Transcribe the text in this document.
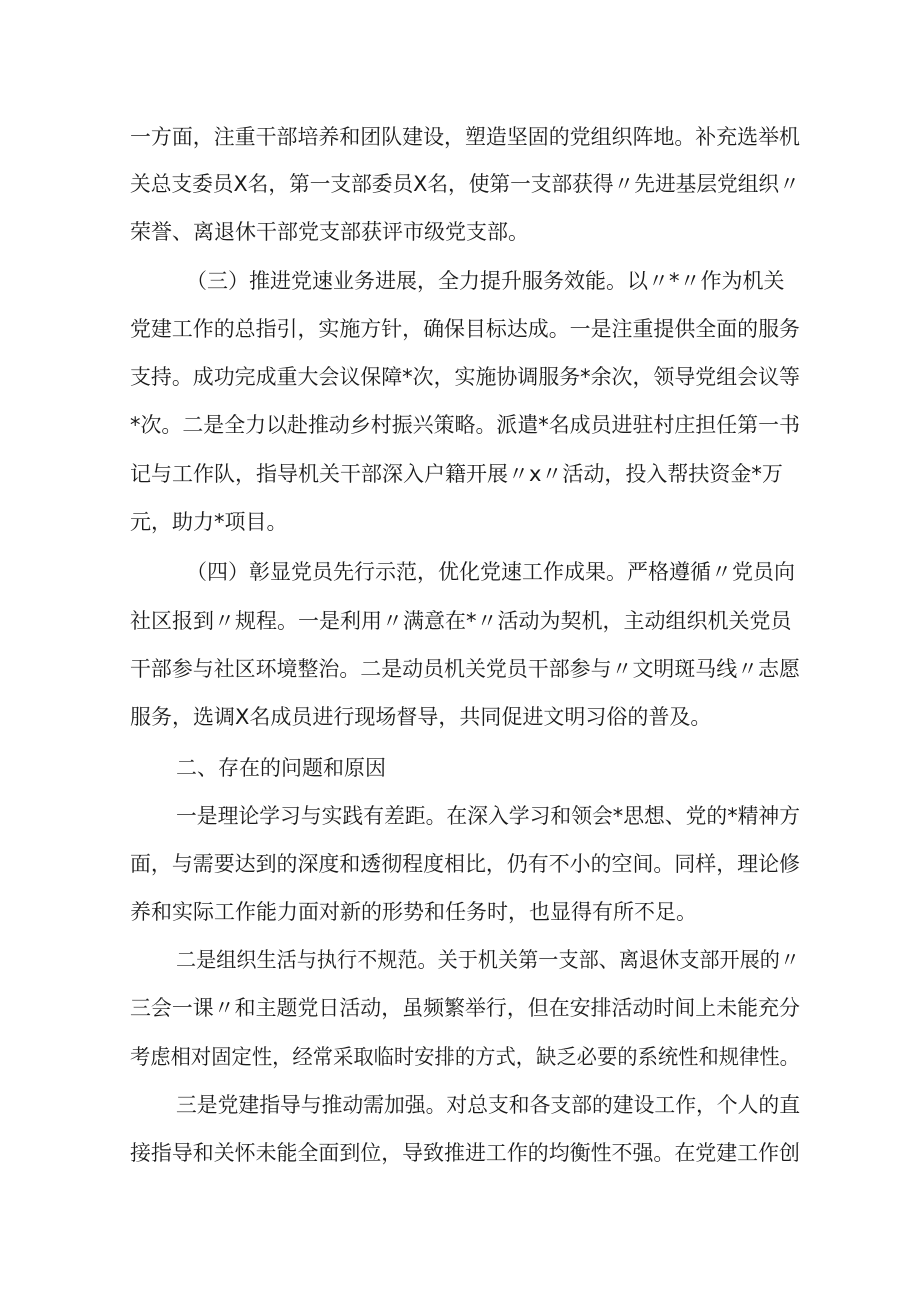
一方面，注重干部培养和团队建设，塑造坚固的党组织阵地。补充选举机
关总支委员X名，第一支部委员X名，使第一支部获得〃先进基层党组织〃
荣誉、离退休干部党支部获评市级党支部。
（三）推进党速业务进展，全力提升服务效能。以〃*〃作为机关
党建工作的总指引，实施方针，确保目标达成。一是注重提供全面的服务
支持。成功完成重大会议保障*次，实施协调服务*余次，领导党组会议等
*次。二是全力以赴推动乡村振兴策略。派遣*名成员进驻村庄担任第一书
记与工作队，指导机关干部深入户籍开展〃x〃活动，投入帮扶资金*万
元，助力*项目。
（四）彰显党员先行示范，优化党速工作成果。严格遵循〃党员向
社区报到〃规程。一是利用〃满意在*〃活动为契机，主动组织机关党员
干部参与社区环境整治。二是动员机关党员干部参与〃文明斑马线〃志愿
服务，选调X名成员进行现场督导，共同促进文明习俗的普及。
二、存在的问题和原因
一是理论学习与实践有差距。在深入学习和领会*思想、党的*精神方
面，与需要达到的深度和透彻程度相比，仍有不小的空间。同样，理论修
养和实际工作能力面对新的形势和任务时，也显得有所不足。
二是组织生活与执行不规范。关于机关第一支部、离退休支部开展的〃
三会一课〃和主题党日活动，虽频繁举行，但在安排活动时间上未能充分
考虑相对固定性，经常采取临时安排的方式，缺乏必要的系统性和规律性。
三是党建指导与推动需加强。对总支和各支部的建设工作，个人的直
接指导和关怀未能全面到位，导致推进工作的均衡性不强。在党建工作创
